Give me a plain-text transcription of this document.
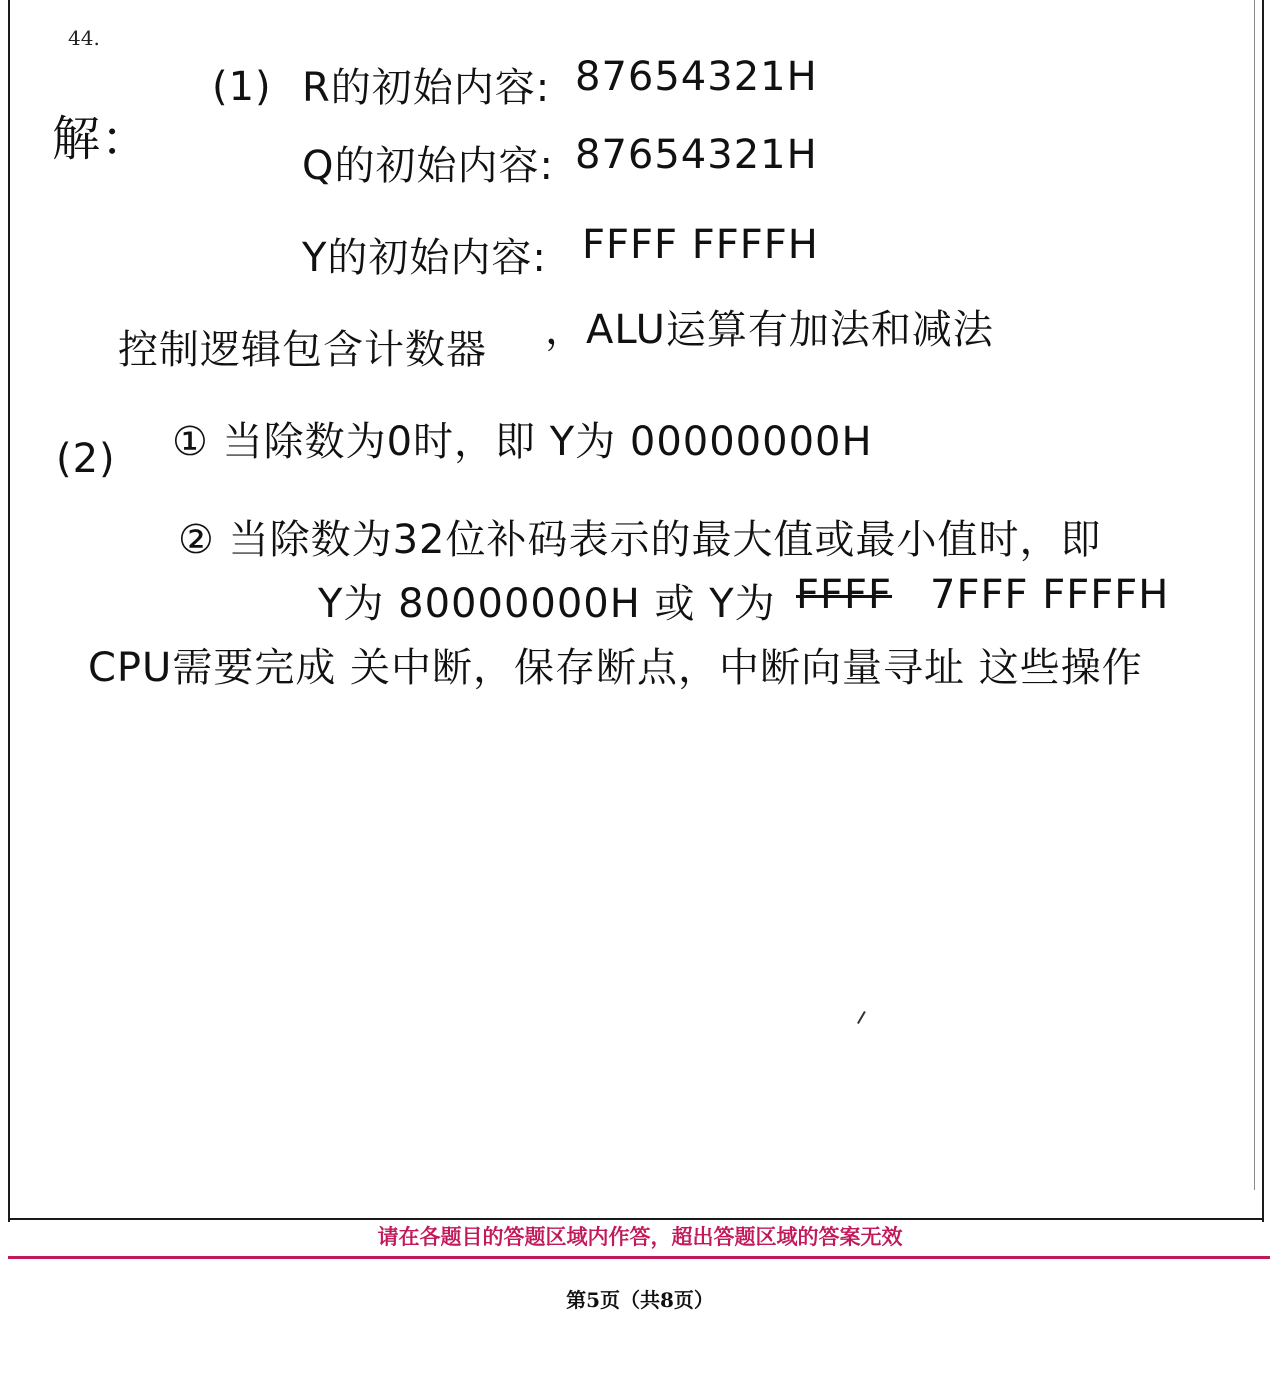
44.
解：
(1) R的初始内容: 87654321H
Q的初始内容: 87654321H
Y的初始内容: FFFF FFFFH
控制逻辑包含计数器 ，ALU运算有加法和减法
(2) ① 当除数为0时，即 Y为 00000000H
② 当除数为32位补码表示的最大值或最小值时，即
Y为 80000000H 或 Y为 FFFF 7FFF FFFFH
CPU需要完成 关中断，保存断点，中断向量寻址 这些操作
请在各题目的答题区域内作答，超出答题区域的答案无效
第5页（共8页）
